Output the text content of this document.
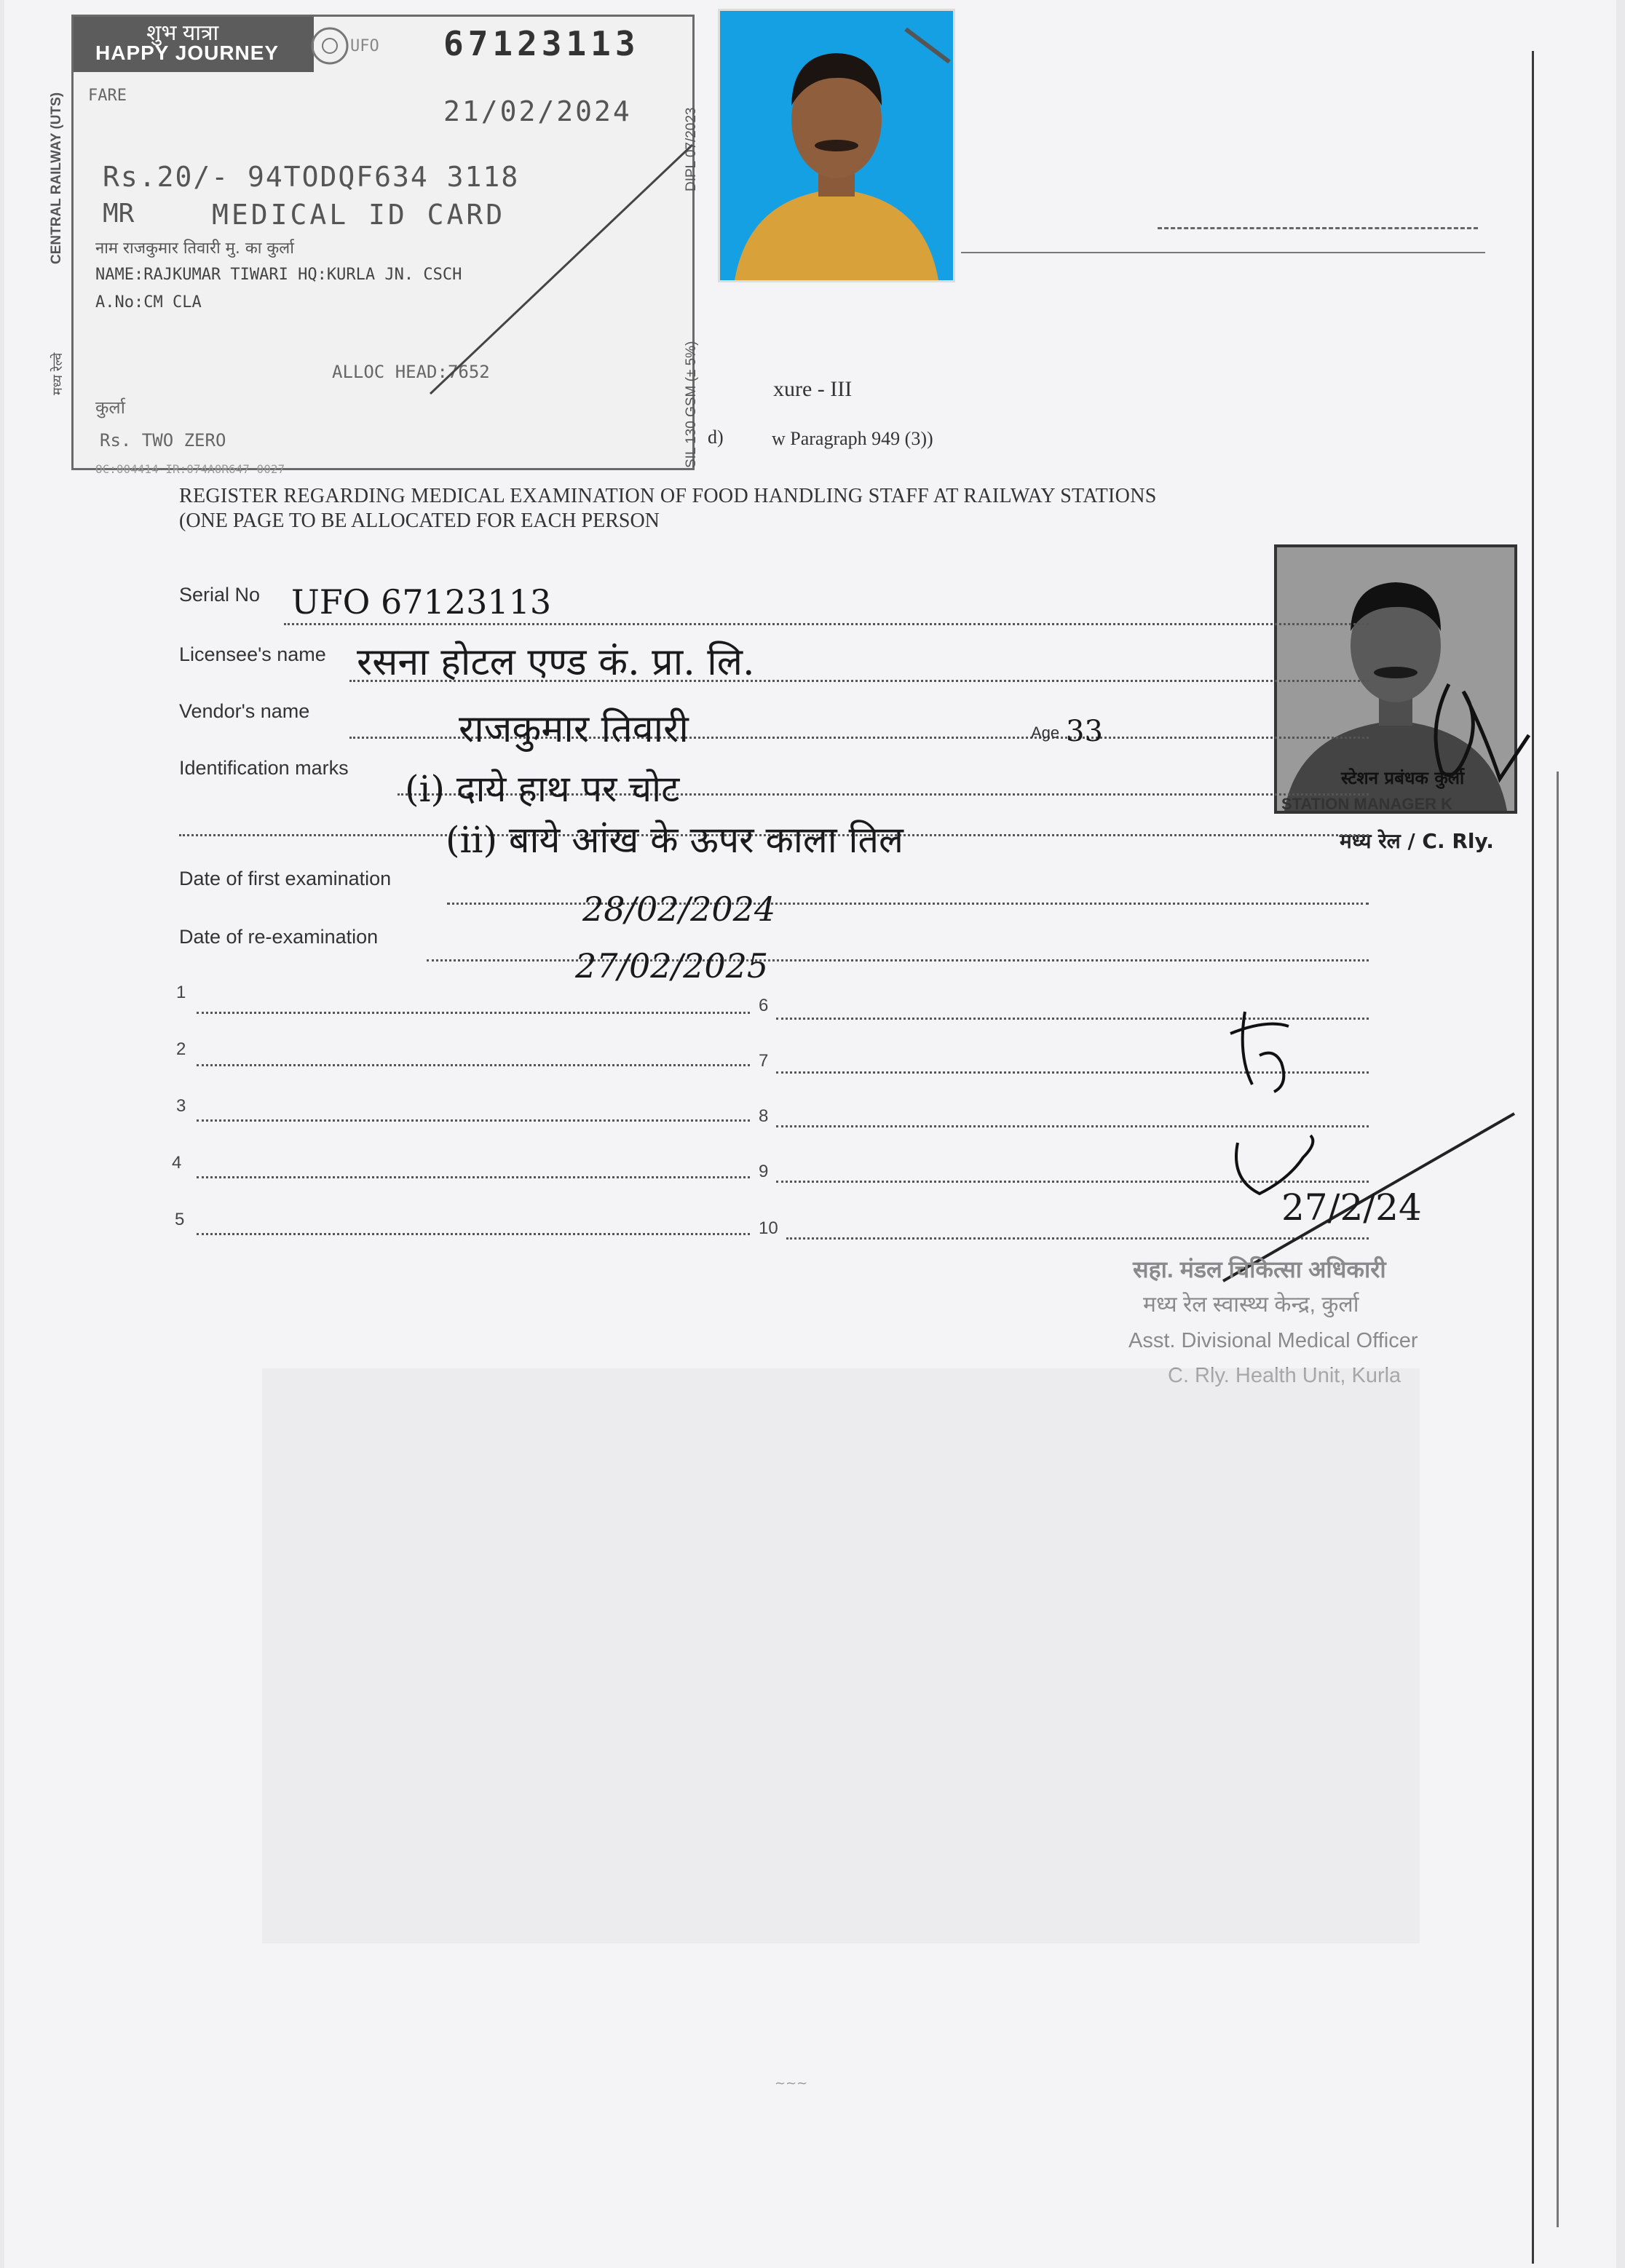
शुभ यात्रा
HAPPY JOURNEY	UFO 67123113
FARE	21/02/2024
Rs.20/- 94TODQF634 3118
MR	MEDICAL ID CARD
नाम राजकुमार तिवारी मु. का कुर्ला
NAME:RAJKUMAR TIWARI HQ:KURLA JN. CSCH
A.No:CM CLA
ALLOC HEAD:7652
कुर्ला
Rs. TWO ZERO
OC:004414 IR:074A0R647 0027
CENTRAL RAILWAY (UTS)
मध्य रेल्वे
DIPL 07/2023
SIL 130 GSM (± 5%)	xure - III
d)	w Paragraph 949 (3))
REGISTER REGARDING MEDICAL EXAMINATION OF FOOD HANDLING STAFF AT RAILWAY STATIONS
(ONE PAGE TO BE ALLOCATED FOR EACH PERSON
स्टेशन प्रबंधक कुर्ला
STATION MANAGER K
मध्य रेल / C. Rly.
Serial No UFO 67123113
Licensee's name रसना होटल एण्ड कं. प्रा. लि.
Vendor's name	राजकुमार तिवारी	Age 33
Identification marks (i) दाये हाथ पर चोट
(ii) बाये आंख के ऊपर काला तिल
Date of first examination
28/02/2024
Date of re-examination
27/02/2025
1
6
2
7
3
8
4	9
5	10	27/2/24
सहा. मंडल चिकित्सा अधिकारी
मध्य रेल स्वास्थ्य केन्द्र, कुर्ला
Asst. Divisional Medical Officer
C. Rly. Health Unit, Kurla
~~~
